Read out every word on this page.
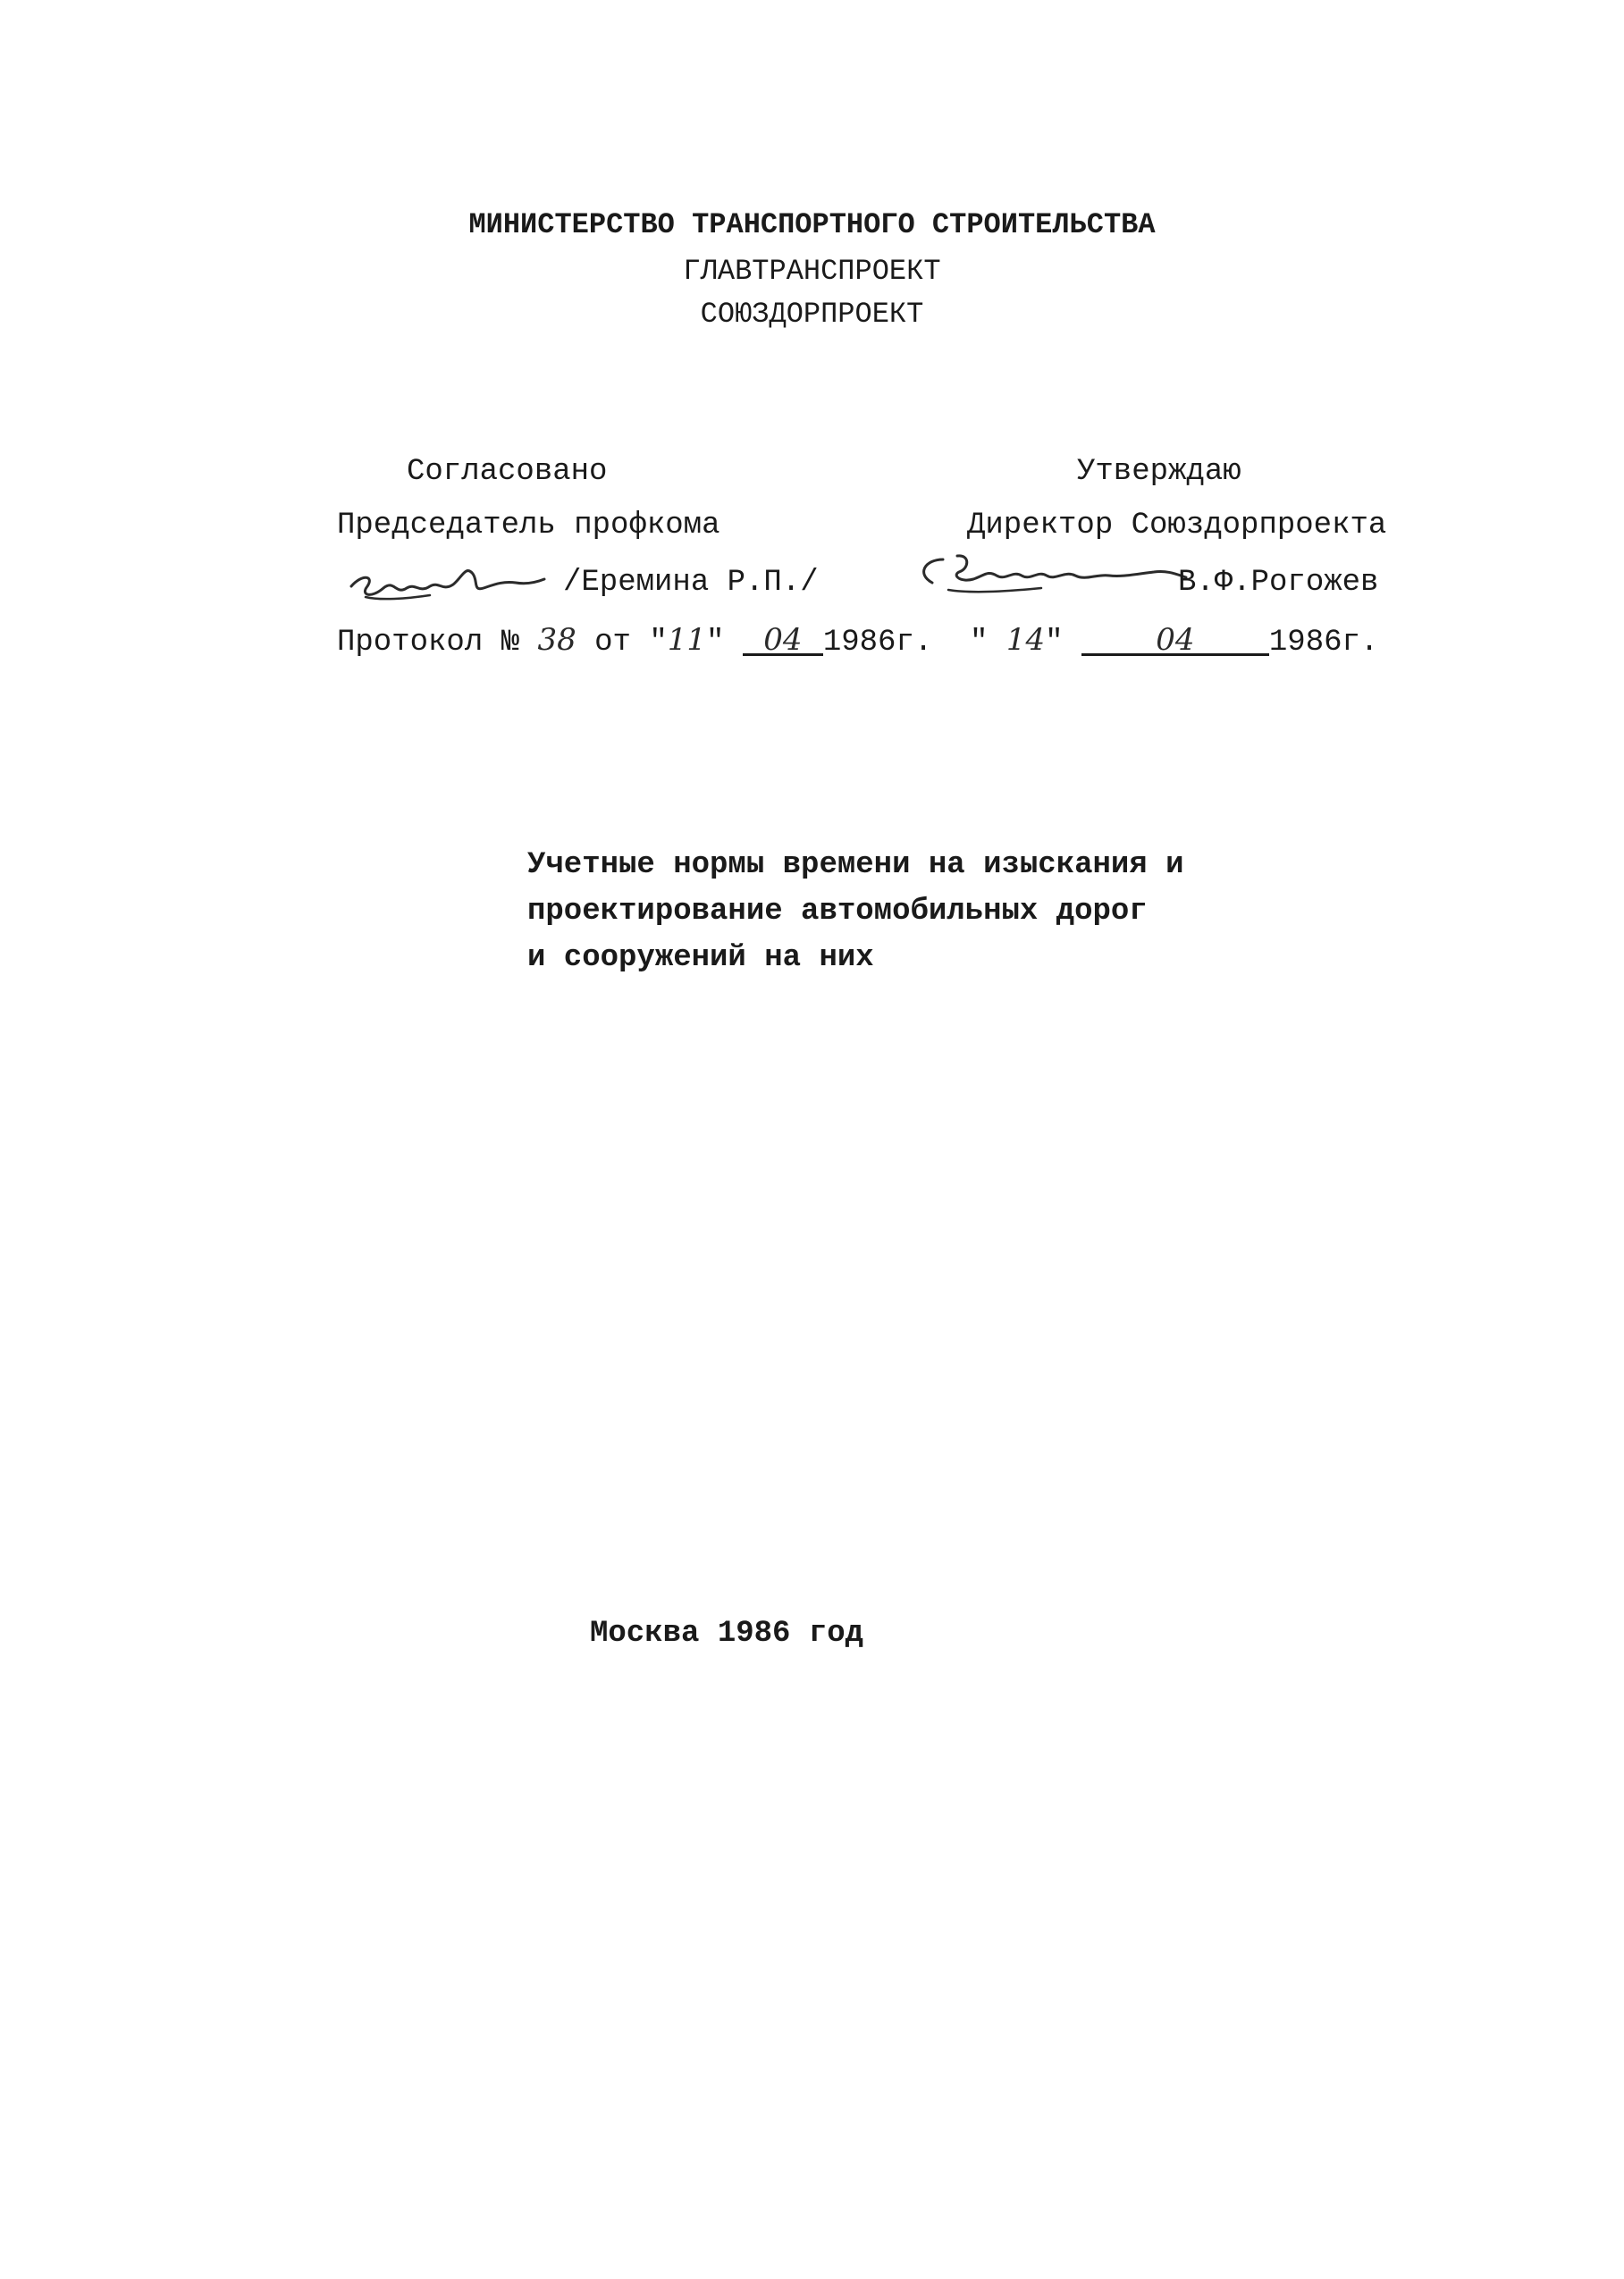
МИНИСТЕРСТВО ТРАНСПОРТНОГО СТРОИТЕЛЬСТВА
ГЛАВТРАНСПРОЕКТ
СОЮЗДОРПРОЕКТ
Согласовано
Председатель профкома
/Еремина Р.П./
Протокол № 38 от "11" 04 1986г.
Утверждаю
Директор Союздорпроекта
В.Ф.Рогожев
" 14"	04 1986г.
Учетные нормы времени на изыскания и
проектирование автомобильных дорог
и сооружений на них
Москва 1986 год
